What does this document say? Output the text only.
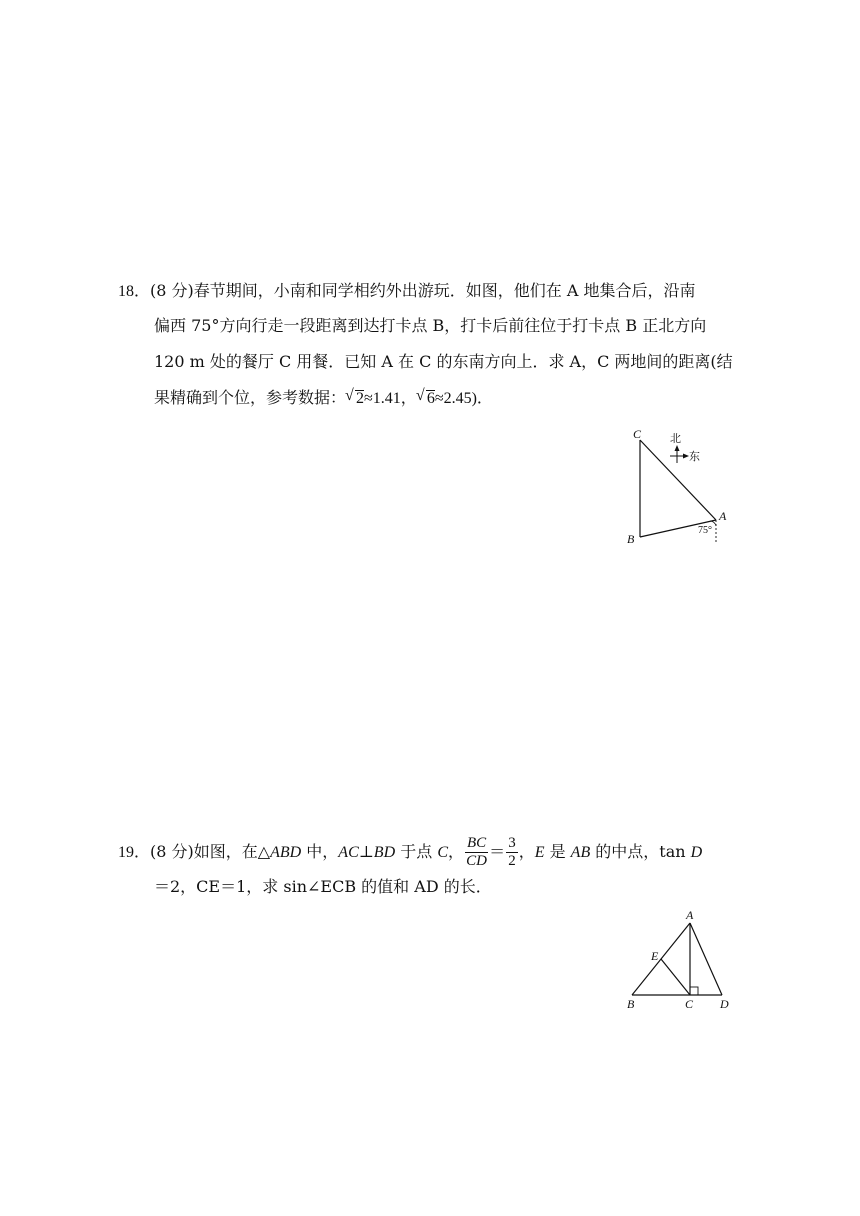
18．(8 分)春节期间，小南和同学相约外出游玩．如图，他们在 A 地集合后，沿南
偏西 75°方向行走一段距离到达打卡点 B，打卡后前往位于打卡点 B 正北方向
120 m 处的餐厅 C 用餐．已知 A 在 C 的东南方向上．求 A，C 两地间的距离(结
果精确到个位，参考数据： √ 2≈1.41， √ 6≈2.45)．
北
东
C
B
A
75°
19．(8 分)如图，在△ABD 中，AC⊥BD 于点 C， $\frac{BC}{CD} = \frac{3}{2}$ ，E 是 AB 的中点，tan D
＝2，CE＝1，求 sin∠ECB 的值和 AD 的长．
A
E
B	C D
